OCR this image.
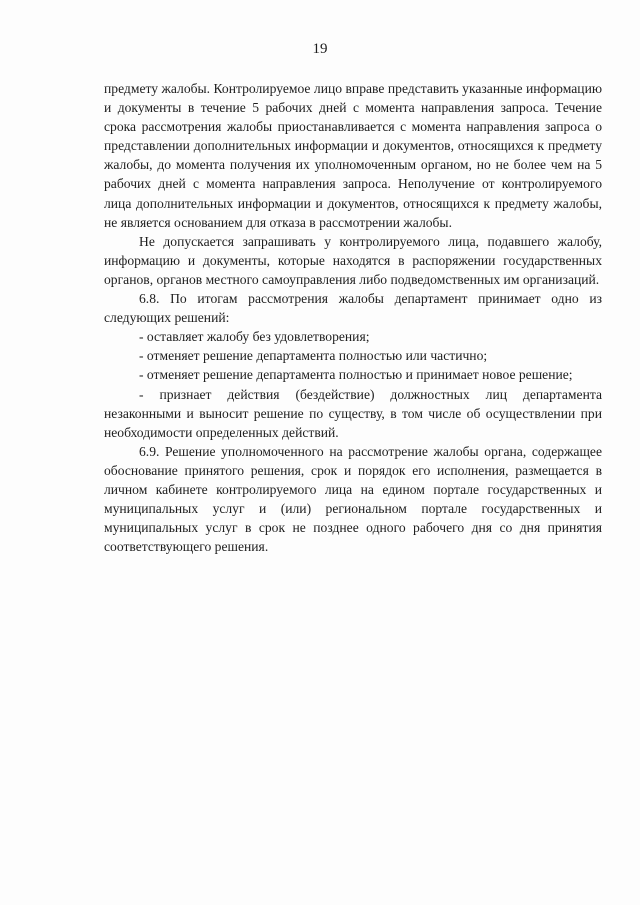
19

предмету жалобы. Контролируемое лицо вправе представить указанные информацию и документы в течение 5 рабочих дней с момента направления запроса. Течение срока рассмотрения жалобы приостанавливается с момента направления запроса о представлении дополнительных информации и документов, относящихся к предмету жалобы, до момента получения их уполномоченным органом, но не более чем на 5 рабочих дней с момента направления запроса. Неполучение от контролируемого лица дополнительных информации и документов, относящихся к предмету жалобы, не является основанием для отказа в рассмотрении жалобы.

Не допускается запрашивать у контролируемого лица, подавшего жалобу, информацию и документы, которые находятся в распоряжении государственных органов, органов местного самоуправления либо подведомственных им организаций.

6.8. По итогам рассмотрения жалобы департамент принимает одно из следующих решений:

- оставляет жалобу без удовлетворения;

- отменяет решение департамента полностью или частично;

- отменяет решение департамента полностью и принимает новое решение;

- признает действия (бездействие) должностных лиц департамента незаконными и выносит решение по существу, в том числе об осуществлении при необходимости определенных действий.

6.9. Решение уполномоченного на рассмотрение жалобы органа, содержащее обоснование принятого решения, срок и порядок его исполнения, размещается в личном кабинете контролируемого лица на едином портале государственных и муниципальных услуг и (или) региональном портале государственных и муниципальных услуг в срок не позднее одного рабочего дня со дня принятия соответствующего решения.
